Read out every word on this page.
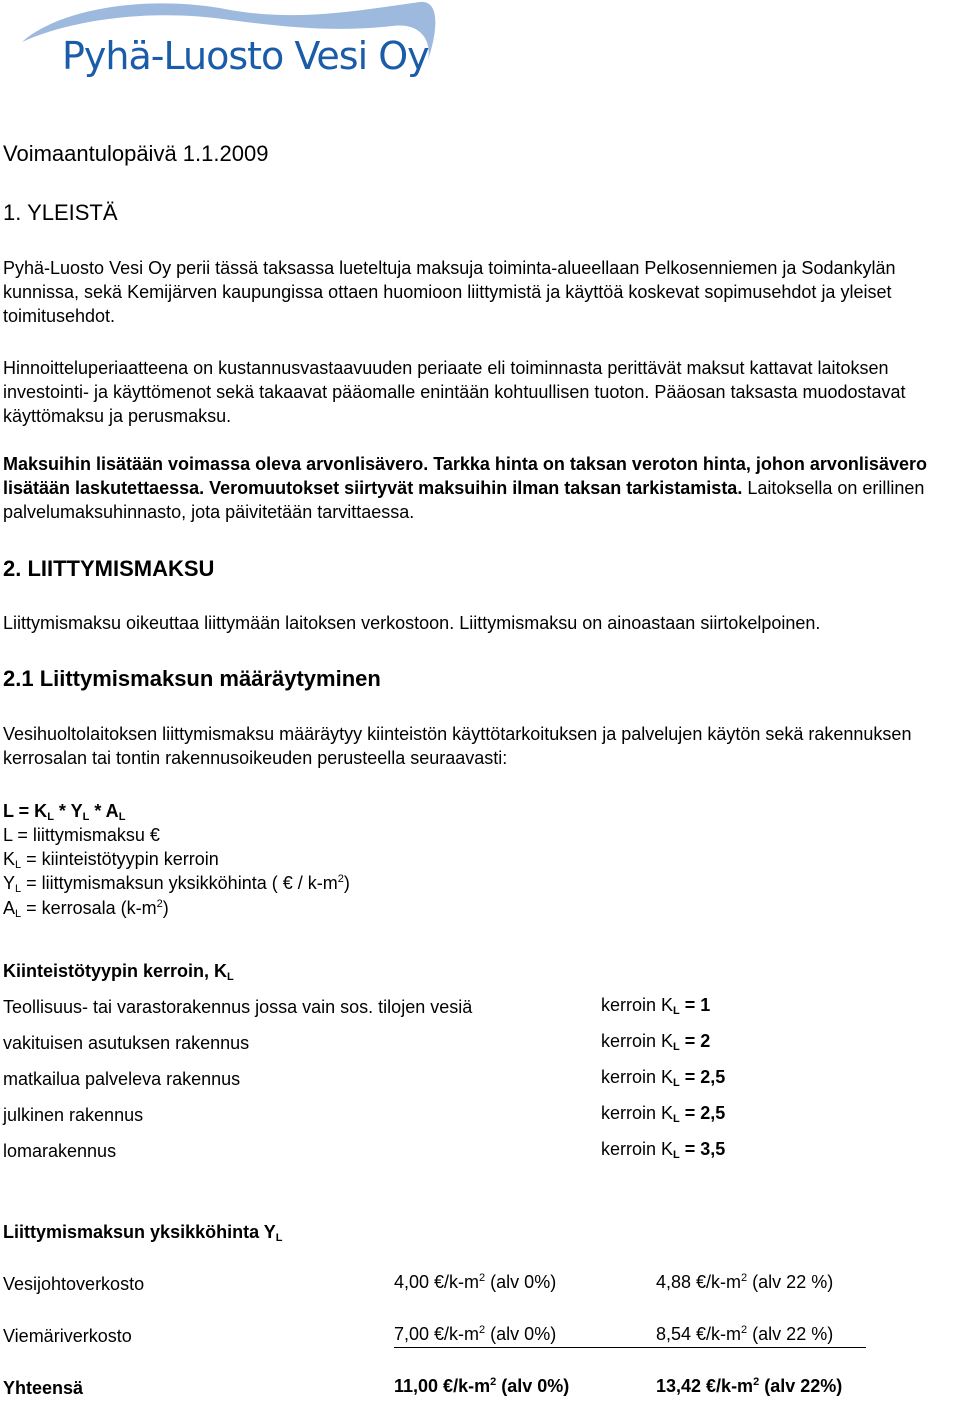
Pyhä-Luosto Vesi Oy
Voimaantulopäivä 1.1.2009
1. YLEISTÄ
Pyhä-Luosto Vesi Oy perii tässä taksassa lueteltuja maksuja toiminta-alueellaan Pelkosenniemen ja Sodankylän kunnissa, sekä Kemijärven kaupungissa ottaen huomioon liittymistä ja käyttöä koskevat sopimusehdot ja yleiset toimitusehdot.
Hinnoitteluperiaatteena on kustannusvastaavuuden periaate eli toiminnasta perittävät maksut kattavat laitoksen investointi- ja käyttömenot sekä takaavat pääomalle enintään kohtuullisen tuoton. Pääosan taksasta muodostavat käyttömaksu ja perusmaksu.
Maksuihin lisätään voimassa oleva arvonlisävero. Tarkka hinta on taksan veroton hinta, johon arvonlisävero lisätään laskutettaessa. Veromuutokset siirtyvät maksuihin ilman taksan tarkistamista. Laitoksella on erillinen palvelumaksuhinnasto, jota päivitetään tarvittaessa.
2. LIITTYMISMAKSU
Liittymismaksu oikeuttaa liittymään laitoksen verkostoon. Liittymismaksu on ainoastaan siirtokelpoinen.
2.1 Liittymismaksun määräytyminen
Vesihuoltolaitoksen liittymismaksu määräytyy kiinteistön käyttötarkoituksen ja palvelujen käytön sekä rakennuksen kerrosalan tai tontin rakennusoikeuden perusteella seuraavasti:
$L = K_L * Y_L * A_L$
L = liittymismaksu €
$K_L$ = kiinteistötyypin kerroin
$Y_L$ = liittymismaksun yksikköhinta ( € / $k-m^2$)
$A_L$ = kerrosala $(k-m^2)$
Kiinteistötyypin kerroin, $K_L$
Teollisuus- tai varastorakennus jossa vain sos. tilojen vesiä	kerroin $K_L = 1$
vakituisen asutuksen rakennus	kerroin $K_L = 2$
matkailua palveleva rakennus	kerroin $K_L = 2,5$
julkinen rakennus	kerroin $K_L = 2,5$
lomarakennus	kerroin $K_L = 3,5$
Liittymismaksun yksikköhinta $Y_L$
Vesijohtoverkosto	4,00 $€/k-m^2$ (alv 0%)	4,88 $€/k-m^2$ (alv 22 %)
Viemäriverkosto	7,00 $€/k-m^2$ (alv 0%)	8,54 $€/k-m^2$ (alv 22 %)
Yhteensä	11,00 $€/k-m^2$ (alv 0%)	13,42 $€/k-m^2$ (alv 22%)
